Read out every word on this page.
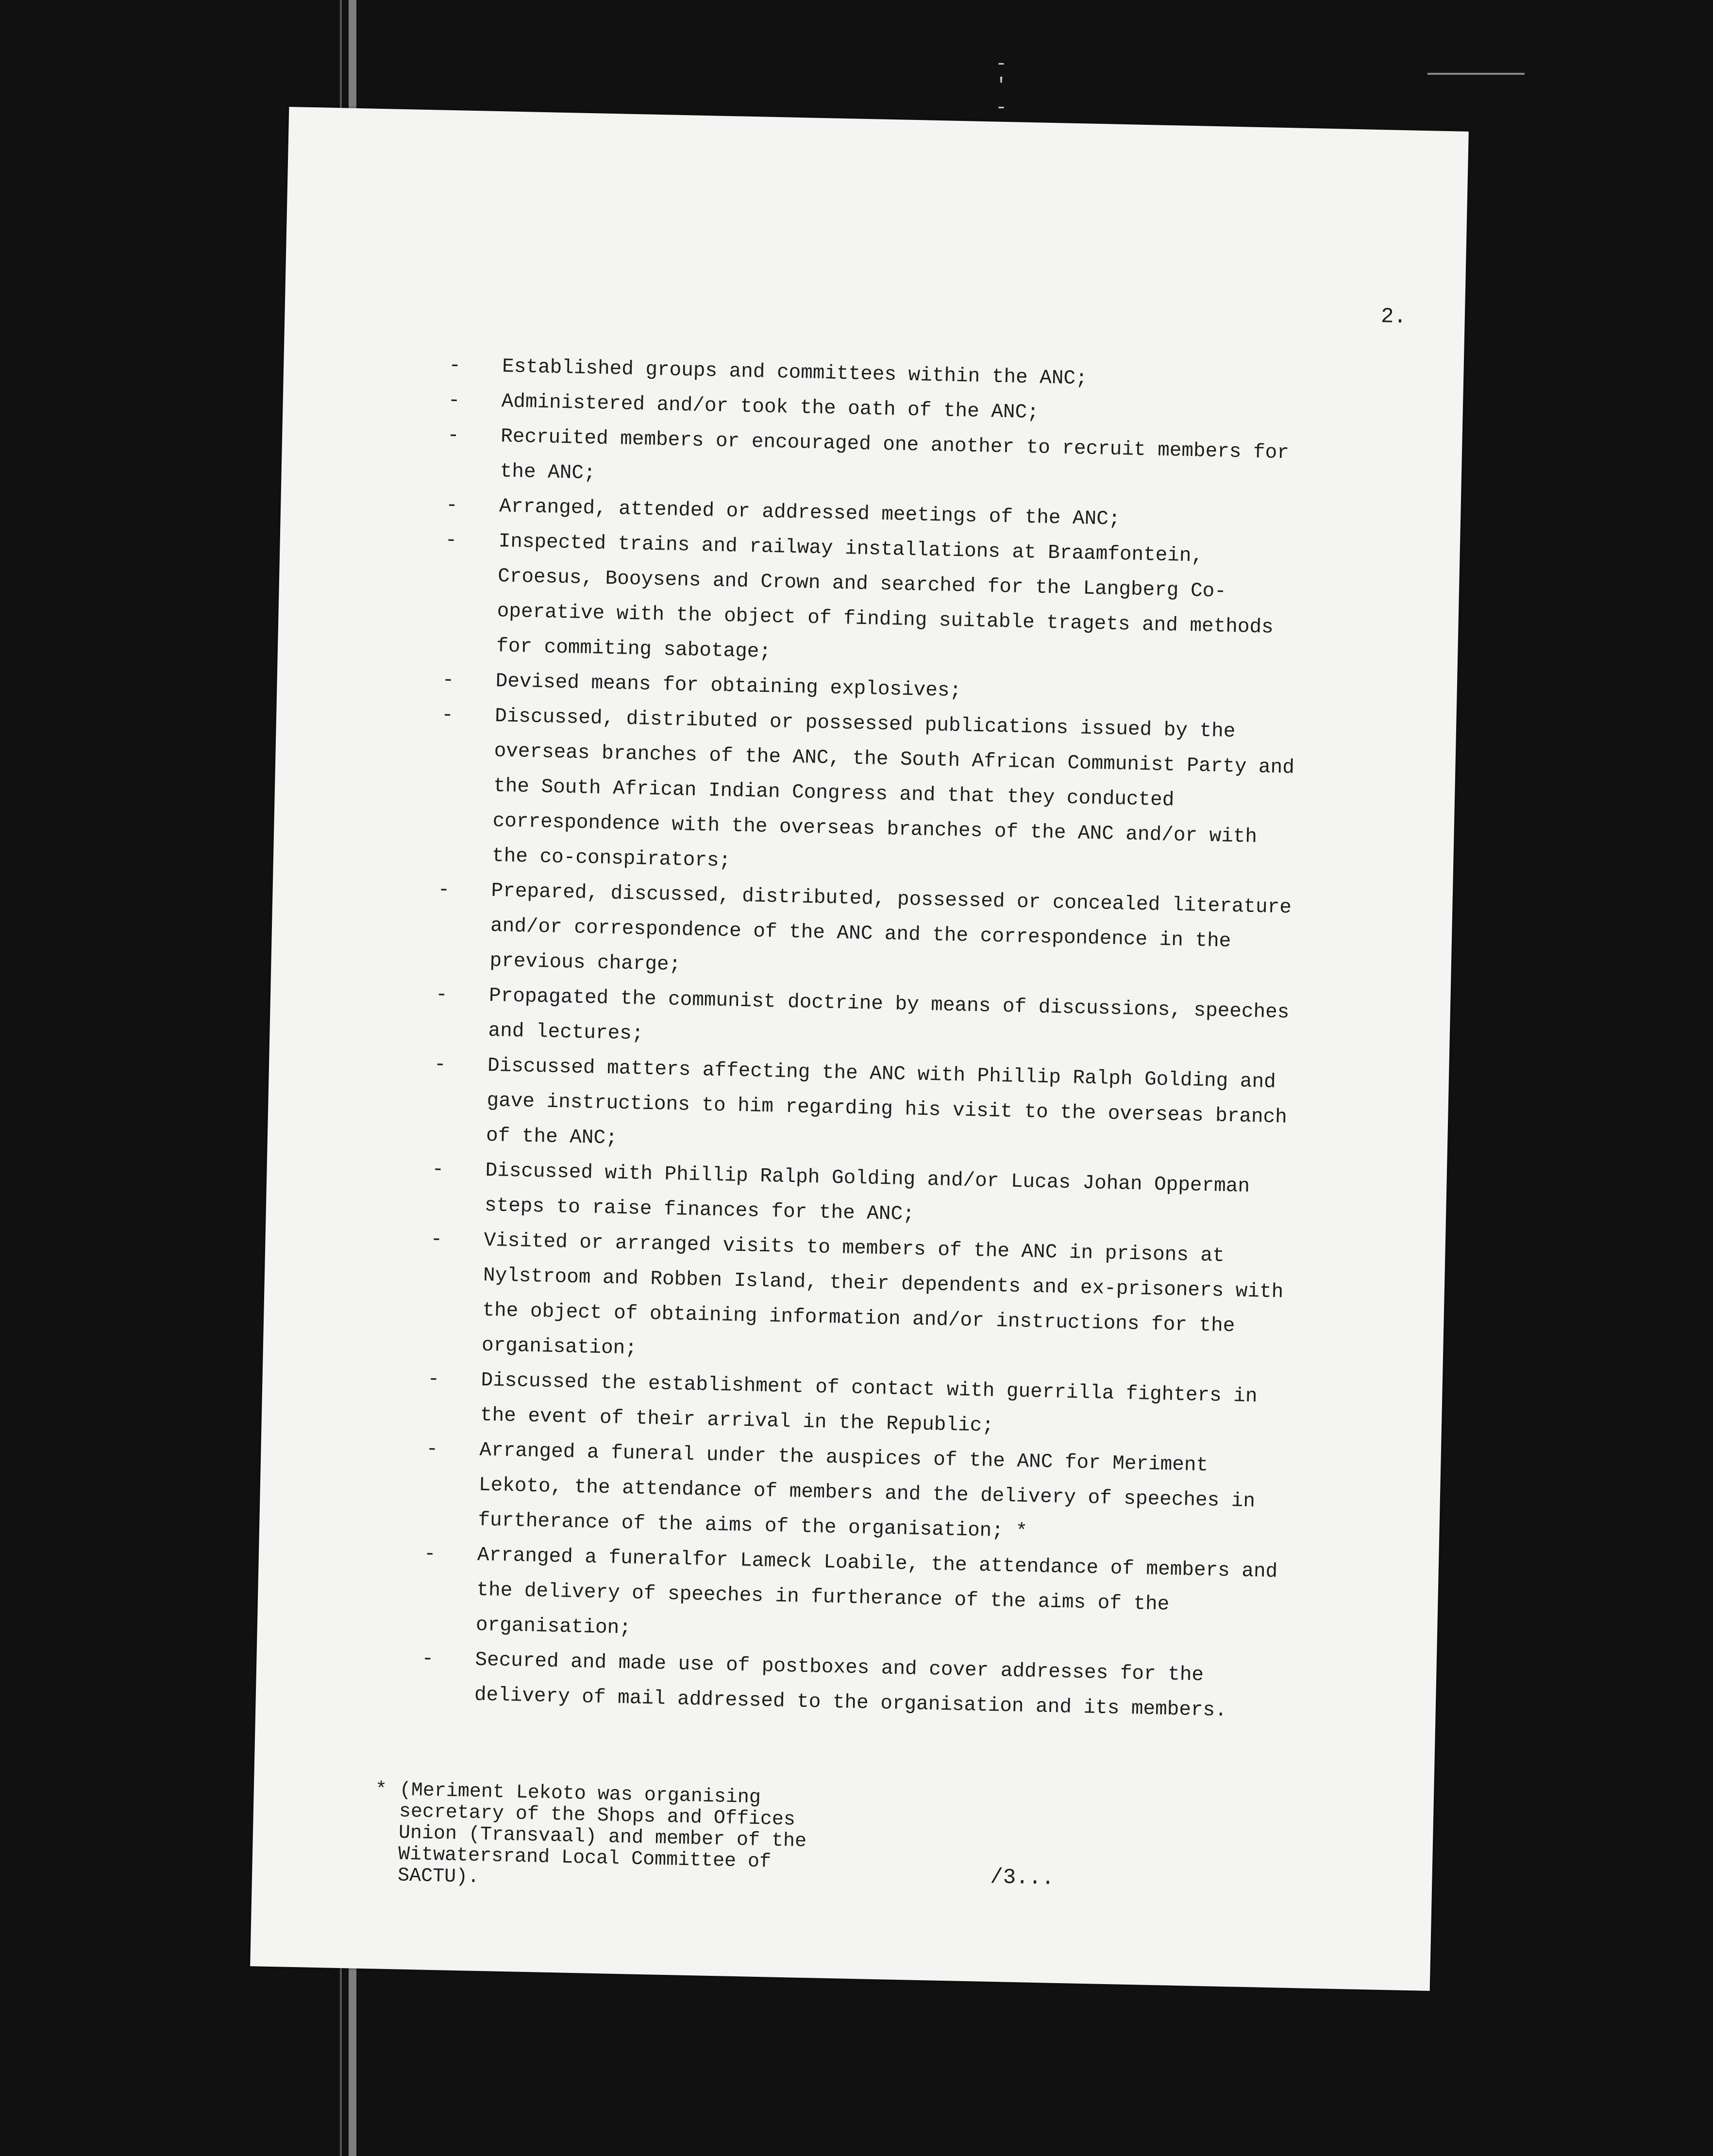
- ' -
2.
-	Established groups and committees within the ANC;
-	Administered and/or took the oath of the ANC;
-	Recruited members or encouraged one another to recruit members for the ANC;
-	Arranged, attended or addressed meetings of the ANC;
-	Inspected trains and railway installations at Braamfontein, Croesus, Booysens and Crown and searched for the Langberg Co-operative with the object of finding suitable tragets and methods for commiting sabotage;
-	Devised means for obtaining explosives;
-	Discussed, distributed or possessed publications issued by the overseas branches of the ANC, the South African Communist Party and the South African Indian Congress and that they conducted correspondence with the overseas branches of the ANC and/or with the co-conspirators;
-	Prepared, discussed, distributed, possessed or concealed literature and/or correspondence of the ANC and the correspondence in the previous charge;
-	Propagated the communist doctrine by means of discussions, speeches and lectures;
-	Discussed matters affecting the ANC with Phillip Ralph Golding and gave instructions to him regarding his visit to the overseas branch of the ANC;
-	Discussed with Phillip Ralph Golding and/or Lucas Johan Opperman steps to raise finances for the ANC;
-	Visited or arranged visits to members of the ANC in prisons at Nylstroom and Robben Island, their dependents and ex-prisoners with the object of obtaining information and/or instructions for the organisation;
-	Discussed the establishment of contact with guerrilla fighters in the event of their arrival in the Republic;
-	Arranged a funeral under the auspices of the ANC for Meriment Lekoto, the attendance of members and the delivery of speeches in furtherance of the aims of the organisation; *
-	Arranged a funeralfor Lameck Loabile, the attendance of members and the delivery of speeches in furtherance of the aims of the organisation;
-	Secured and made use of postboxes and cover addresses for the delivery of mail addressed to the organisation and its members.
* (Meriment Lekoto was organising
secretary of the Shops and Offices
Union (Transvaal) and member of the
Witwatersrand Local Committee of
SACTU).	/3...
